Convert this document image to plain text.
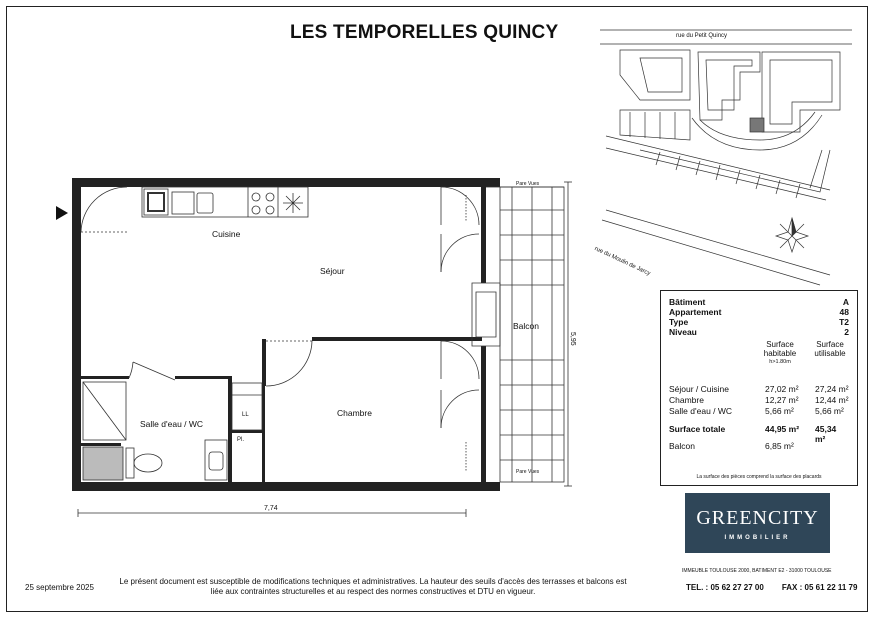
LES TEMPORELLES QUINCY	rue du Petit Quincy
rue du Moulin de Jarcy
Cuisine
Séjour
Balcon
Chambre
Salle d'eau / WC
LL
Pl.
Pare Vues
Pare Vues
7,74
5,95
Bâtiment	A
Appartement	48
Type	T2
Niveau	2
Surface habitable
h>1.80m
Surface utilisable
Séjour / Cuisine	27,02 m² 27,24 m²
Chambre	12,27 m² 12,44 m²
Salle d'eau / WC	5,66 m² 5,66 m²
Surface totale	44,95 m² 45,34 m²
Balcon	6,85 m²
La surface des pièces comprend la surface des placards
GREENCITY
IMMOBILIER
IMMEUBLE TOULOUSE 2000, BATIMENT E2 - 31000 TOULOUSE
TEL. : 05 62 27 27 00 FAX : 05 61 22 11 79
25 septembre 2025
Le présent document est susceptible de modifications techniques et administratives. La hauteur des seuils d'accès des terrasses et balcons est liée aux contraintes structurelles et au respect des normes constructives et DTU en vigueur.
